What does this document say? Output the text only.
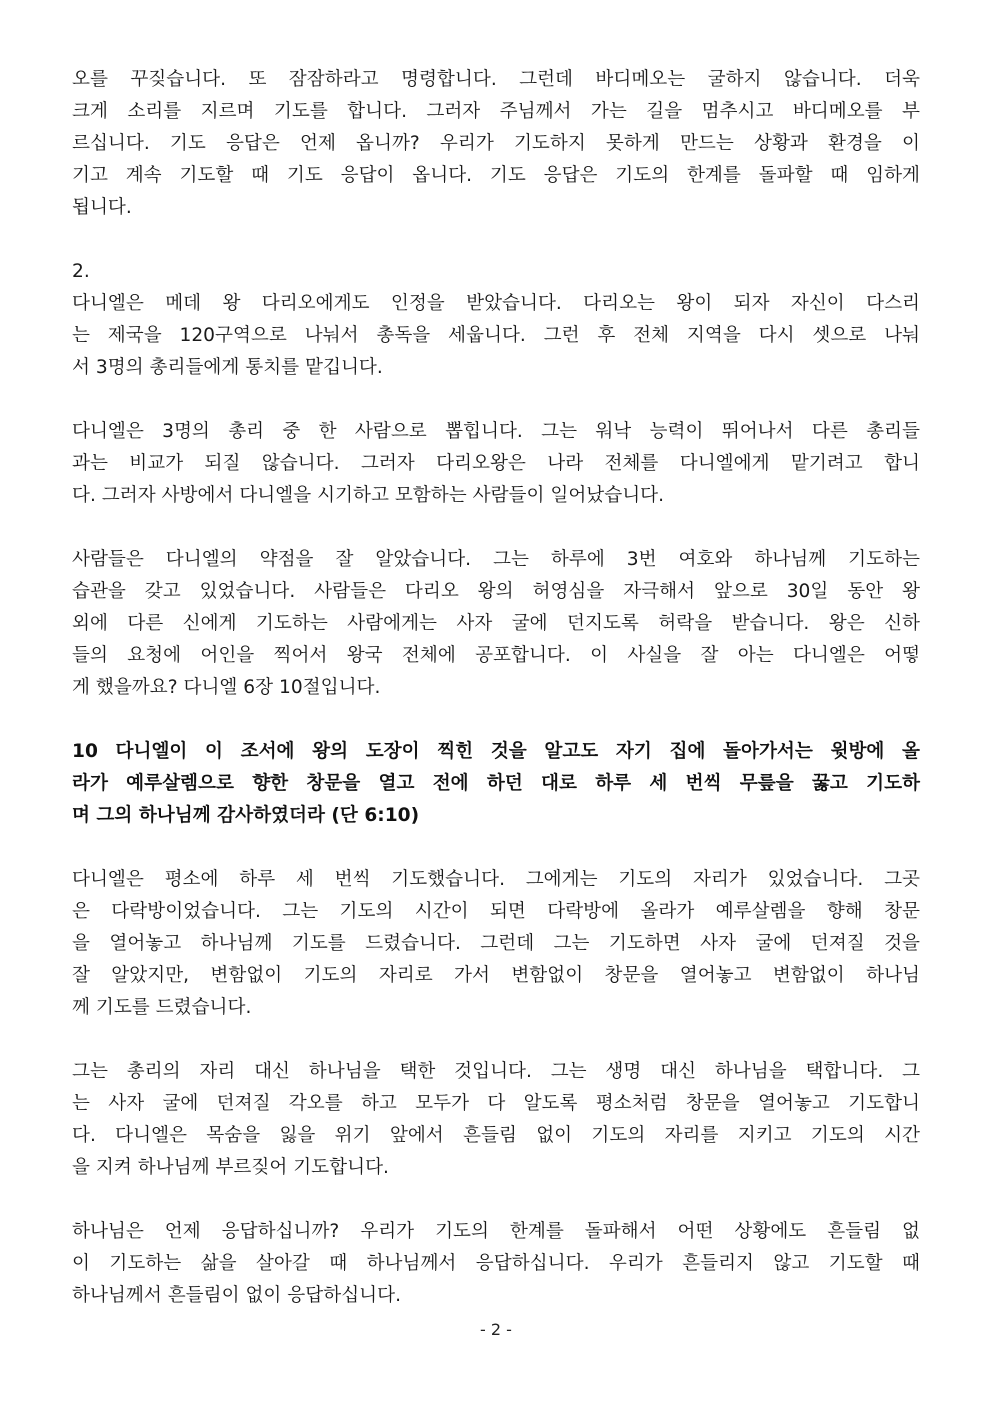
오를 꾸짖습니다. 또 잠잠하라고 명령합니다. 그런데 바디메오는 굴하지 않습니다. 더욱
크게 소리를 지르며 기도를 합니다. 그러자 주님께서 가는 길을 멈추시고 바디메오를 부
르십니다. 기도 응답은 언제 옵니까? 우리가 기도하지 못하게 만드는 상황과 환경을 이
기고 계속 기도할 때 기도 응답이 옵니다. 기도 응답은 기도의 한계를 돌파할 때 임하게
됩니다.
2.
다니엘은 메데 왕 다리오에게도 인정을 받았습니다. 다리오는 왕이 되자 자신이 다스리
는 제국을 120구역으로 나눠서 총독을 세웁니다. 그런 후 전체 지역을 다시 셋으로 나눠
서 3명의 총리들에게 통치를 맡깁니다.
다니엘은 3명의 총리 중 한 사람으로 뽑힙니다. 그는 워낙 능력이 뛰어나서 다른 총리들
과는 비교가 되질 않습니다. 그러자 다리오왕은 나라 전체를 다니엘에게 맡기려고 합니
다. 그러자 사방에서 다니엘을 시기하고 모함하는 사람들이 일어났습니다.
사람들은 다니엘의 약점을 잘 알았습니다. 그는 하루에 3번 여호와 하나님께 기도하는
습관을 갖고 있었습니다. 사람들은 다리오 왕의 허영심을 자극해서 앞으로 30일 동안 왕
외에 다른 신에게 기도하는 사람에게는 사자 굴에 던지도록 허락을 받습니다. 왕은 신하
들의 요청에 어인을 찍어서 왕국 전체에 공포합니다. 이 사실을 잘 아는 다니엘은 어떻
게 했을까요? 다니엘 6장 10절입니다.
10 다니엘이 이 조서에 왕의 도장이 찍힌 것을 알고도 자기 집에 돌아가서는 윗방에 올
라가 예루살렘으로 향한 창문을 열고 전에 하던 대로 하루 세 번씩 무릎을 꿇고 기도하
며 그의 하나님께 감사하였더라 (단 6:10)
다니엘은 평소에 하루 세 번씩 기도했습니다. 그에게는 기도의 자리가 있었습니다. 그곳
은 다락방이었습니다. 그는 기도의 시간이 되면 다락방에 올라가 예루살렘을 향해 창문
을 열어놓고 하나님께 기도를 드렸습니다. 그런데 그는 기도하면 사자 굴에 던져질 것을
잘 알았지만, 변함없이 기도의 자리로 가서 변함없이 창문을 열어놓고 변함없이 하나님
께 기도를 드렸습니다.
그는 총리의 자리 대신 하나님을 택한 것입니다. 그는 생명 대신 하나님을 택합니다. 그
는 사자 굴에 던져질 각오를 하고 모두가 다 알도록 평소처럼 창문을 열어놓고 기도합니
다. 다니엘은 목숨을 잃을 위기 앞에서 흔들림 없이 기도의 자리를 지키고 기도의 시간
을 지켜 하나님께 부르짖어 기도합니다.
하나님은 언제 응답하십니까? 우리가 기도의 한계를 돌파해서 어떤 상황에도 흔들림 없
이 기도하는 삶을 살아갈 때 하나님께서 응답하십니다. 우리가 흔들리지 않고 기도할 때
하나님께서 흔들림이 없이 응답하십니다.
- 2 -
